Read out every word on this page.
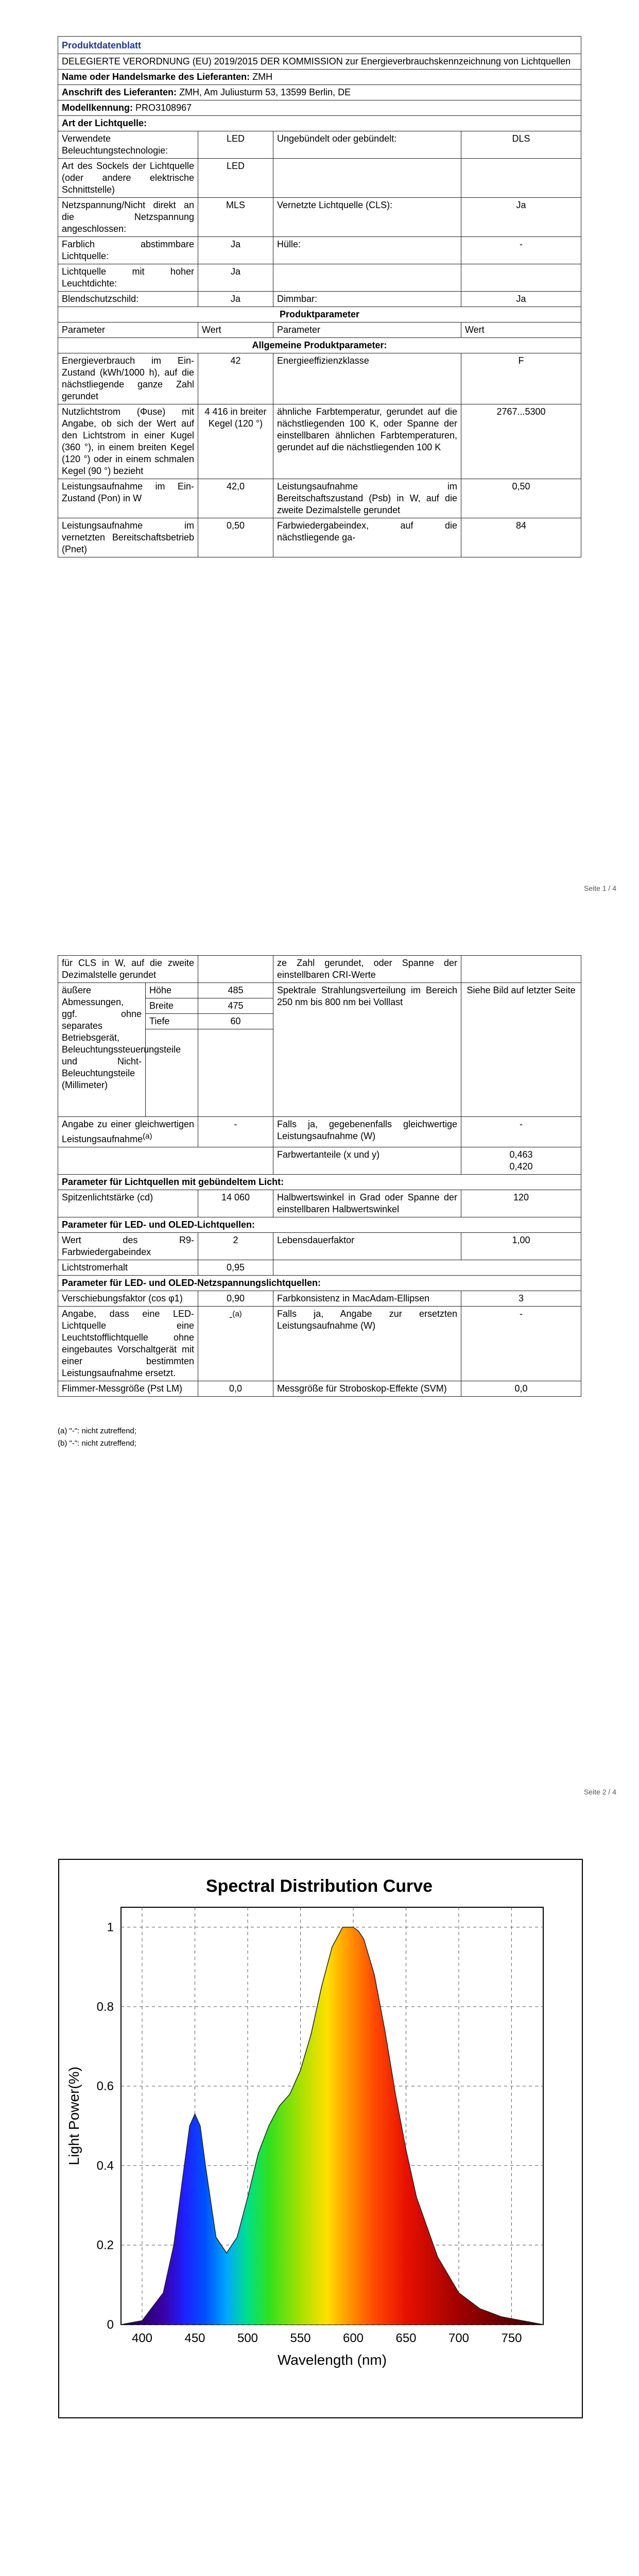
Produktdatenblatt			
DELEGIERTE VERORDNUNG (EU) 2019/2015 DER KOMMISSION zur Energieverbrauchskennzeichnung von Lichtquellen			
Name oder Handelsmarke des Lieferanten: ZMH			
Anschrift des Lieferanten: ZMH, Am Juliusturm 53, 13599 Berlin, DE			
Modellkennung: PRO3108967			
Art der Lichtquelle:			
Verwendete Beleuchtungstechnologie:	LED	Ungebündelt oder gebündelt:	DLS
Art des Sockels der Lichtquelle (oder andere elektrische Schnittstelle)	LED		
Netzspannung/Nicht direkt an die Netzspannung angeschlossen:	MLS	Vernetzte Lichtquelle (CLS):	Ja
Farblich abstimmbare Lichtquelle:	Ja	Hülle:	-
Lichtquelle mit hoher Leuchtdichte:	Ja		
Blendschutzschild:	Ja	Dimmbar:	Ja
Produktparameter			
Parameter	Wert	Parameter	Wert
Allgemeine Produktparameter:			
Energieverbrauch im Ein-Zustand (kWh/1000 h), auf die nächstliegende ganze Zahl gerundet	42	Energieeffizienzklasse	F
Nutzlichtstrom (Φuse) mit Angabe, ob sich der Wert auf den Lichtstrom in einer Kugel (360 °), in einem breiten Kegel (120 °) oder in einem schmalen Kegel (90 °) bezieht	4 416 in breiter Kegel (120 °)	ähnliche Farbtemperatur, gerundet auf die nächstliegenden 100 K, oder Spanne der einstellbaren ähnlichen Farbtemperaturen, gerundet auf die nächstliegenden 100 K	2767...5300
Leistungsaufnahme im Ein-Zustand (Pon) in W	42,0	Leistungsaufnahme im Bereitschaftszustand (Psb) in W, auf die zweite Dezimalstelle gerundet	0,50
Leistungsaufnahme im vernetzten Bereitschaftsbetrieb (Pnet)	0,50	Farbwiedergabeindex, auf die nächstliegende ga-	84
Seite 1 / 4
für CLS in W, auf die zweite Dezimalstelle gerundet			ze Zahl gerundet, oder Spanne der einstellbaren CRI-Werte	
äußere Abmessungen, ggf. ohne separates Betriebsgerät, Beleuchtungssteuerungsteile und Nicht-Beleuchtungsteile (Millimeter)	Höhe	485	Spektrale Strahlungsverteilung im Bereich 250 nm bis 800 nm bei Volllast	Siehe Bild auf letzter Seite
	Breite	475		
	Tiefe	60		

Angabe zu einer gleichwertigen Leistungsaufnahme$^{(a)}$		-	Falls ja, gegebenenfalls gleichwertige Leistungsaufnahme (W)	-
			Farbwertanteile (x und y)	0,463
0,420

Parameter für Lichtquellen mit gebündeltem Licht:				
Spitzenlichtstärke (cd)		14 060	Halbwertswinkel in Grad oder Spanne der einstellbaren Halbwertswinkel	120
Parameter für LED- und OLED-Lichtquellen:				
Wert des R9-Farbwiedergabeindex		2	Lebensdauerfaktor	1,00
Lichtstromerhalt		0,95		
Parameter für LED- und OLED-Netzspannungslichtquellen:				
Verschiebungsfaktor (cos φ1)		0,90	Farbkonsistenz in MacAdam-Ellipsen	3
Angabe, dass eine LED-Lichtquelle eine Leuchtstofflichtquelle ohne eingebautes Vorschaltgerät mit einer bestimmten Leistungsaufnahme ersetzt.		-$^{(a)}$	Falls ja, Angabe zur ersetzten Leistungsaufnahme (W)	-
Flimmer-Messgröße (Pst LM)		0,0	Messgröße für Stroboskop-Effekte (SVM)	0,0
(a) "-": nicht zutreffend;
(b) "-": nicht zutreffend;
Seite 2 / 4
Spectral Distribution Curve
400	450	500	550	600	650	700	750
0
0.2
0.4
0.6
0.8
1
Wavelength (nm)
Light Power(%)
